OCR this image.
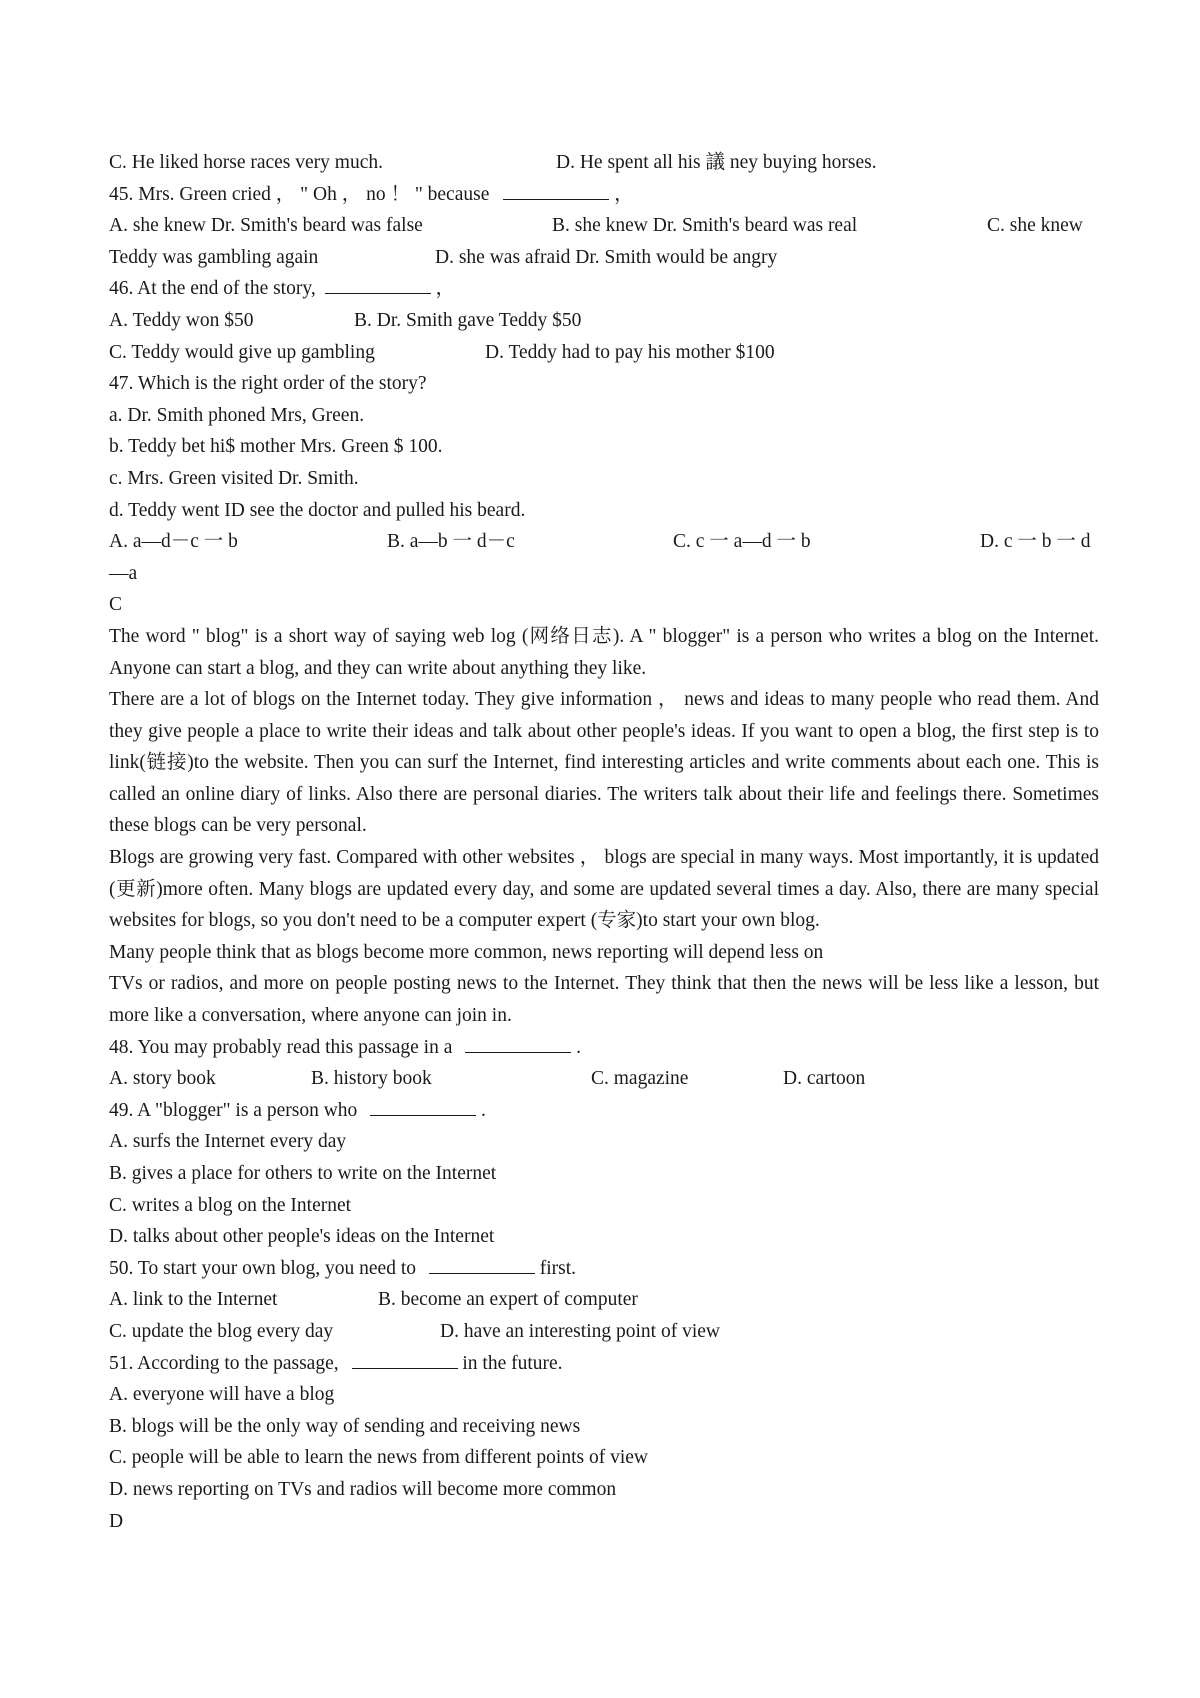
C. He liked horse races very much.	D. He spent all his 議 ney buying horses.
45. Mrs. Green cried ， " Oh ， no ！ " because	，
A. she knew Dr. Smith's beard was false	B. she knew Dr. Smith's beard was real	C. she knew
Teddy was gambling again	D. she was afraid Dr. Smith would be angry
46. At the end of the story,	，
A. Teddy won $50	B. Dr. Smith gave Teddy $50
C. Teddy would give up gambling	D. Teddy had to pay his mother $100
47. Which is the right order of the story?
a. Dr. Smith phoned Mrs, Green.
b. Teddy bet hi$ mother Mrs. Green $ 100.
c. Mrs. Green visited Dr. Smith.
d. Teddy went ID see the doctor and pulled his beard.
A. a—d－c 一 b	B. a—b 一 d－c	C. c 一 a—d 一 b	D. c 一 b 一 d
—a
C
The word " blog" is a short way of saying web log (网络日志). A " blogger" is a person who writes a blog on the Internet. Anyone can start a blog, and they can write about anything they like.
There are a lot of blogs on the Internet today. They give information ， news and ideas to many people who read them. And they give people a place to write their ideas and talk about other people's ideas. If you want to open a blog, the first step is to link(链接)to the website. Then you can surf the Internet, find interesting articles and write comments about each one. This is called an online diary of links. Also there are personal diaries. The writers talk about their life and feelings there. Sometimes these blogs can be very personal.
Blogs are growing very fast. Compared with other websites ， blogs are special in many ways. Most importantly, it is updated (更新)more often. Many blogs are updated every day, and some are updated several times a day. Also, there are many special websites for blogs, so you don't need to be a computer expert (专家)to start your own blog.
Many people think that as blogs become more common, news reporting will depend less on
TVs or radios, and more on people posting news to the Internet. They think that then the news will be less like a lesson, but more like a conversation, where anyone can join in.
48. You may probably read this passage in a	.
A. story book	B. history book	C. magazine	D. cartoon
49. A "blogger" is a person who	.
A. surfs the Internet every day
B. gives a place for others to write on the Internet
C. writes a blog on the Internet
D. talks about other people's ideas on the Internet
50. To start your own blog, you need to	first.
A. link to the Internet	B. become an expert of computer
C. update the blog every day	D. have an interesting point of view
51. According to the passage,	in the future.
A. everyone will have a blog
B. blogs will be the only way of sending and receiving news
C. people will be able to learn the news from different points of view
D. news reporting on TVs and radios will become more common
D
